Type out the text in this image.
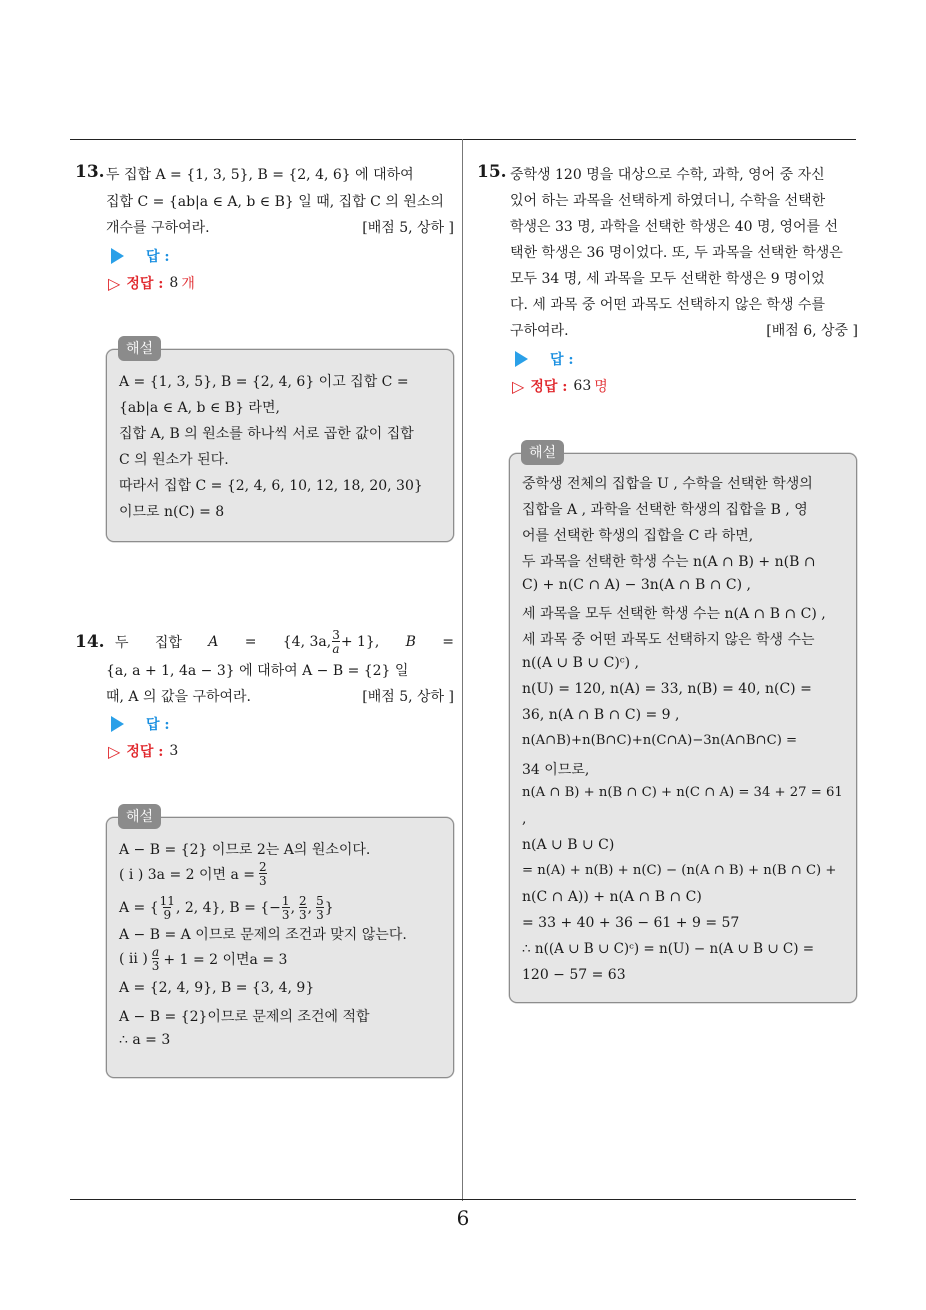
6
13. 두 집합 A = {1, 3, 5}, B = {2, 4, 6} 에 대하여
집합 C = {ab|a ∈ A, b ∈ B} 일 때, 집합 C 의 원소의
개수를 구하여라.	[배점 5, 상하 ]
답 :
▷ 정답 : 8 개
A = {1, 3, 5}, B = {2, 4, 6} 이고 집합 C =
{ab|a ∈ A, b ∈ B} 라면,
집합 A, B 의 원소를 하나씩 서로 곱한 값이 집합
C 의 원소가 된다.
따라서 집합 C = {2, 4, 6, 10, 12, 18, 20, 30}
이므로 n(C) = 8
해설
14. 두 집합 A = {4, 3a, $\frac{3}{a} + 1$}, B =
{a, a + 1, 4a − 3} 에 대하여 A − B = {2} 일
때, A 의 값을 구하여라.	[배점 5, 상하 ]
답 :
▷ 정답 : 3
A − B = {2} 이므로 2는 A의 원소이다.
( i ) 3a = 2 이면 $a = \frac{2}{3}$
A = { $\frac{11}{9}$ , 2, 4}, B = {− $\frac{1}{3}$ , $\frac{2}{3}$ , $\frac{5}{3}$ }
A − B = A 이므로 문제의 조건과 맞지 않는다.
( ii ) $\frac{a}{3} + 1 = 2$ 이면a = 3
A = {2, 4, 9}, B = {3, 4, 9}
A − B = {2}이므로 문제의 조건에 적합
∴ a = 3
해설
15. 중학생 120 명을 대상으로 수학, 과학, 영어 중 자신
있어 하는 과목을 선택하게 하였더니, 수학을 선택한
학생은 33 명, 과학을 선택한 학생은 40 명, 영어를 선
택한 학생은 36 명이었다. 또, 두 과목을 선택한 학생은
모두 34 명, 세 과목을 모두 선택한 학생은 9 명이었
다. 세 과목 중 어떤 과목도 선택하지 않은 학생 수를
구하여라.	[배점 6, 상중 ]
답 :
▷ 정답 : 63 명
중학생 전체의 집합을 U , 수학을 선택한 학생의
집합을 A , 과학을 선택한 학생의 집합을 B , 영
어를 선택한 학생의 집합을 C 라 하면,
두 과목을 선택한 학생 수는 n(A ∩ B) + n(B ∩
C) + n(C ∩ A) − 3n(A ∩ B ∩ C) ,
세 과목을 모두 선택한 학생 수는 n(A ∩ B ∩ C) ,
세 과목 중 어떤 과목도 선택하지 않은 학생 수는
n((A ∪ B ∪ C)ᶜ) ,
n(U) = 120, n(A) = 33, n(B) = 40, n(C) =
36, n(A ∩ B ∩ C) = 9 ,
n(A∩B)+n(B∩C)+n(C∩A)−3n(A∩B∩C) =
34 이므로,
n(A ∩ B) + n(B ∩ C) + n(C ∩ A) = 34 + 27 = 61
,
n(A ∪ B ∪ C)
= n(A) + n(B) + n(C) − (n(A ∩ B) + n(B ∩ C) +
n(C ∩ A)) + n(A ∩ B ∩ C)
= 33 + 40 + 36 − 61 + 9 = 57
∴ n((A ∪ B ∪ C)ᶜ) = n(U) − n(A ∪ B ∪ C) =
120 − 57 = 63
해설
